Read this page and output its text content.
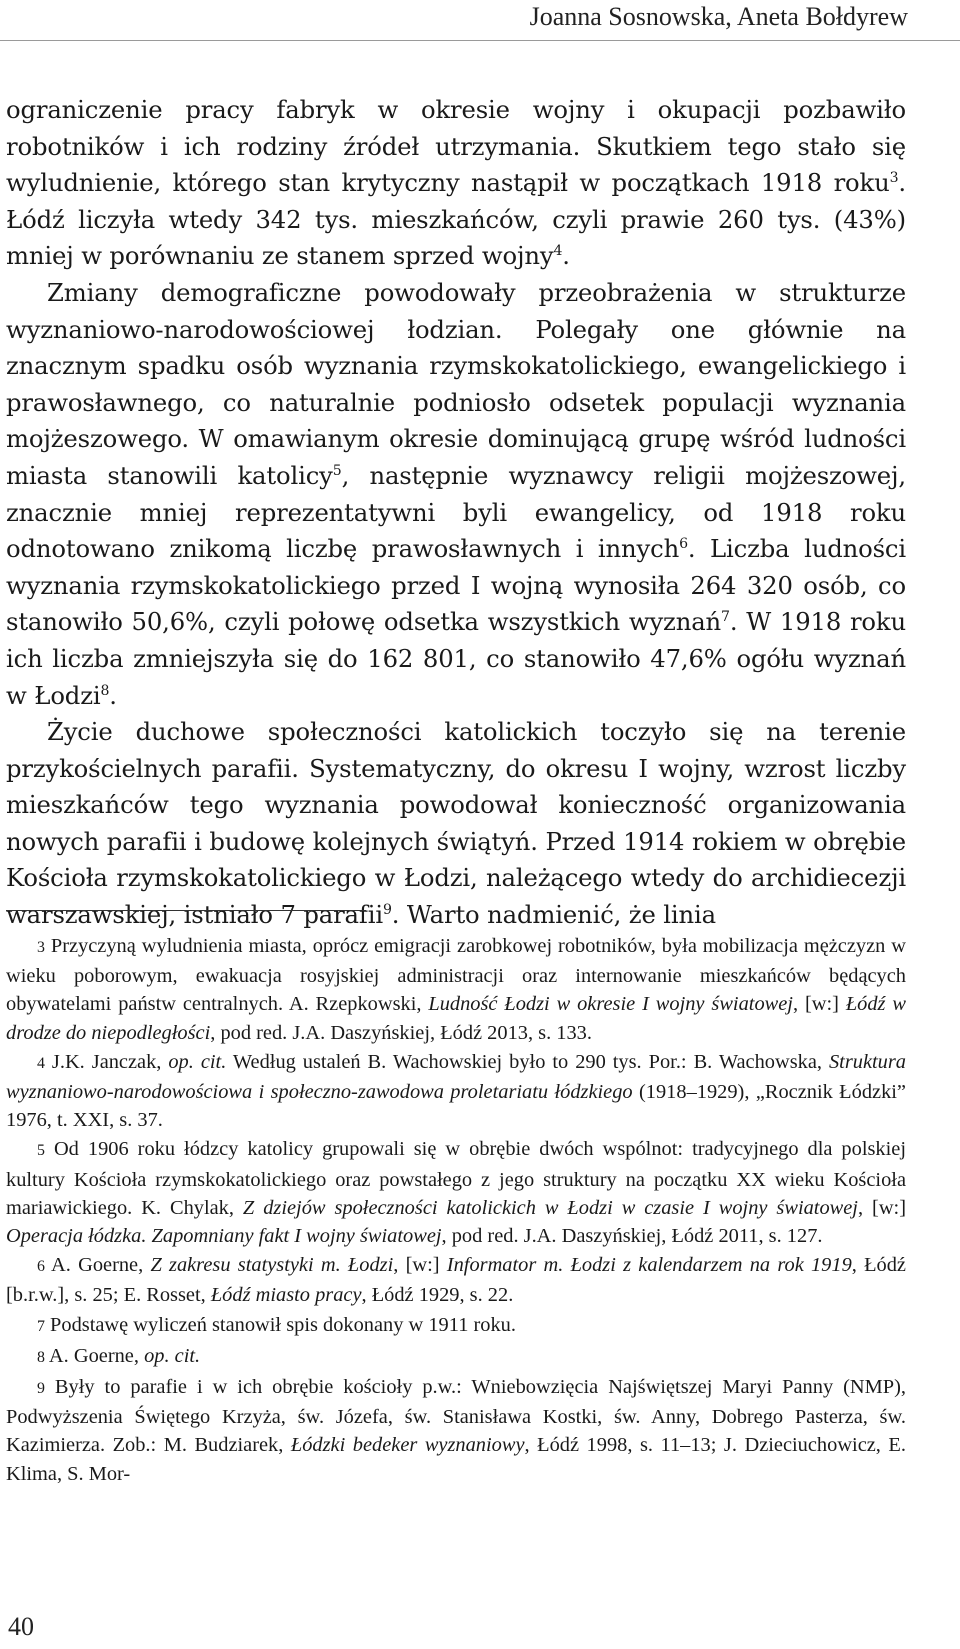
Joanna Sosnowska, Aneta Bołdyrew

ograniczenie pracy fabryk w okresie wojny i okupacji pozbawiło robotników i ich rodziny źródeł utrzymania. Skutkiem tego stało się wyludnienie, którego stan krytyczny nastąpił w początkach 1918 roku$^3$. Łódź liczyła wtedy 342 tys. mieszkańców, czyli prawie 260 tys. (43%) mniej w porównaniu ze stanem sprzed wojny$^4$.

Zmiany demograficzne powodowały przeobrażenia w strukturze wyznaniowo-narodowościowej łodzian. Polegały one głównie na znacznym spadku osób wyznania rzymskokatolickiego, ewangelickiego i prawosławnego, co naturalnie podniosło odsetek populacji wyznania mojżeszowego. W omawianym okresie dominującą grupę wśród ludności miasta stanowili katolicy$^5$, następnie wyznawcy religii mojżeszowej, znacznie mniej reprezentatywni byli ewangelicy, od 1918 roku odnotowano znikomą liczbę prawosławnych i innych$^6$. Liczba ludności wyznania rzymskokatolickiego przed I wojną wynosiła 264 320 osób, co stanowiło 50,6%, czyli połowę odsetka wszystkich wyznań$^7$. W 1918 roku ich liczba zmniejszyła się do 162 801, co stanowiło 47,6% ogółu wyznań w Łodzi$^8$.

Życie duchowe społeczności katolickich toczyło się na terenie przykościelnych parafii. Systematyczny, do okresu I wojny, wzrost liczby mieszkańców tego wyznania powodował konieczność organizowania nowych parafii i budowę kolejnych świątyń. Przed 1914 rokiem w obrębie Kościoła rzymskokatolickiego w Łodzi, należącego wtedy do archidiecezji warszawskiej, istniało 7 parafii$^9$. Warto nadmienić, że linia

3 Przyczyną wyludnienia miasta, oprócz emigracji zarobkowej robotników, była mobilizacja mężczyzn w wieku poborowym, ewakuacja rosyjskiej administracji oraz internowanie mieszkańców będących obywatelami państw centralnych. A. Rzepkowski, Ludność Łodzi w okresie I wojny światowej, [w:] Łódź w drodze do niepodległości, pod red. J.A. Daszyńskiej, Łódź 2013, s. 133.

4 J.K. Janczak, op. cit. Według ustaleń B. Wachowskiej było to 290 tys. Por.: B. Wachowska, Struktura wyznaniowo-narodowościowa i społeczno-zawodowa proletariatu łódzkiego (1918–1929), „Rocznik Łódzki” 1976, t. XXI, s. 37.

5 Od 1906 roku łódzcy katolicy grupowali się w obrębie dwóch wspólnot: tradycyjnego dla polskiej kultury Kościoła rzymskokatolickiego oraz powstałego z jego struktury na początku XX wieku Kościoła mariawickiego. K. Chylak, Z dziejów społeczności katolickich w Łodzi w czasie I wojny światowej, [w:] Operacja łódzka. Zapomniany fakt I wojny światowej, pod red. J.A. Daszyńskiej, Łódź 2011, s. 127.

6 A. Goerne, Z zakresu statystyki m. Łodzi, [w:] Informator m. Łodzi z kalendarzem na rok 1919, Łódź [b.r.w.], s. 25; E. Rosset, Łódź miasto pracy, Łódź 1929, s. 22.

7 Podstawę wyliczeń stanowił spis dokonany w 1911 roku.

8 A. Goerne, op. cit.

9 Były to parafie i w ich obrębie kościoły p.w.: Wniebowzięcia Najświętszej Maryi Panny (NMP), Podwyższenia Świętego Krzyża, św. Józefa, św. Stanisława Kostki, św. Anny, Dobrego Pasterza, św. Kazimierza. Zob.: M. Budziarek, Łódzki bedeker wyznaniowy, Łódź 1998, s. 11–13; J. Dzieciuchowicz, E. Klima, S. Mor-

40
